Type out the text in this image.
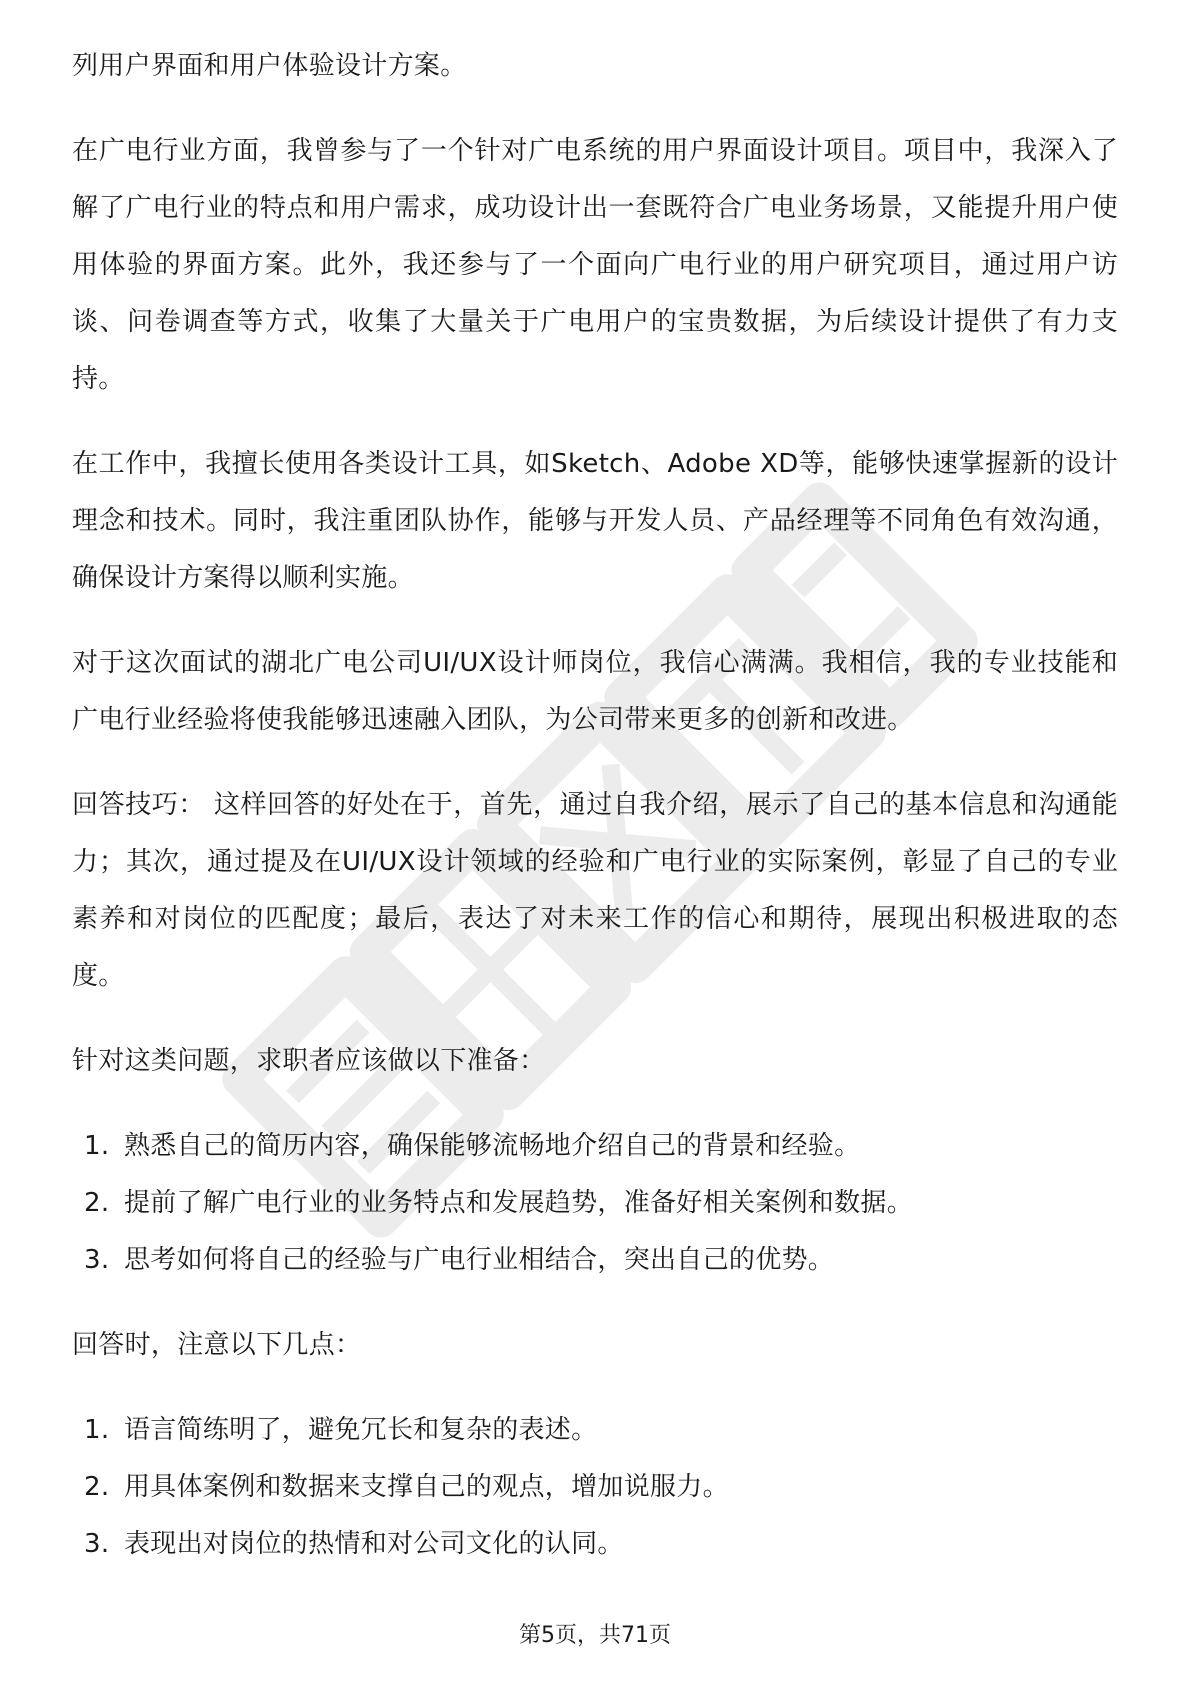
列用户界面和用户体验设计方案。

在广电行业方面，我曾参与了一个针对广电系统的用户界面设计项目。项目中，我深入了解了广电行业的特点和用户需求，成功设计出一套既符合广电业务场景，又能提升用户使用体验的界面方案。此外，我还参与了一个面向广电行业的用户研究项目，通过用户访谈、问卷调查等方式，收集了大量关于广电用户的宝贵数据，为后续设计提供了有力支持。

在工作中，我擅长使用各类设计工具，如Sketch、Adobe XD等，能够快速掌握新的设计理念和技术。同时，我注重团队协作，能够与开发人员、产品经理等不同角色有效沟通，确保设计方案得以顺利实施。

对于这次面试的湖北广电公司UI/UX设计师岗位，我信心满满。我相信，我的专业技能和广电行业经验将使我能够迅速融入团队，为公司带来更多的创新和改进。

回答技巧： 这样回答的好处在于，首先，通过自我介绍，展示了自己的基本信息和沟通能力；其次，通过提及在UI/UX设计领域的经验和广电行业的实际案例，彰显了自己的专业素养和对岗位的匹配度；最后，表达了对未来工作的信心和期待，展现出积极进取的态度。

针对这类问题，求职者应该做以下准备：

1. 熟悉自己的简历内容，确保能够流畅地介绍自己的背景和经验。
2. 提前了解广电行业的业务特点和发展趋势，准备好相关案例和数据。
3. 思考如何将自己的经验与广电行业相结合，突出自己的优势。

回答时，注意以下几点：

1. 语言简练明了，避免冗长和复杂的表述。
2. 用具体案例和数据来支撑自己的观点，增加说服力。
3. 表现出对岗位的热情和对公司文化的认同。
第5页，共71页
